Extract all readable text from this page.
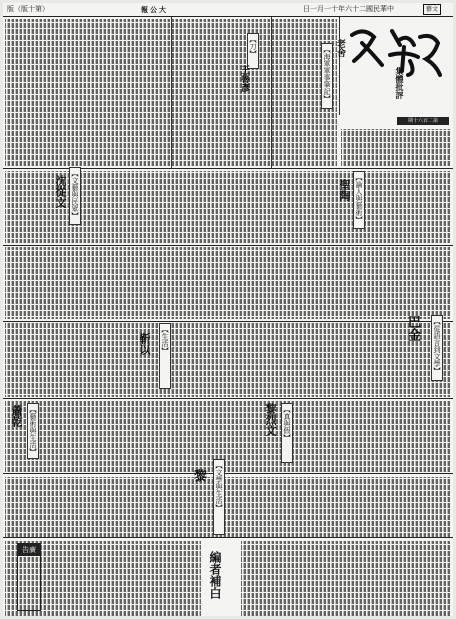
版（版十第）	報公大	日一月一十年六十二國民華中	藝文
集體批評
期十六百二第
【海軍軍事筆記】 老舍
【刀】
王魯彥
【文藝與民眾】
沈從文	【論人與藝術】
聖陶
【從語言到文學】
巴金
【生活】
靳以
【藝術與生活】
蕭乾	【真與假】
黎烈文
【文學與生活】
黎
告廣
編者補白
